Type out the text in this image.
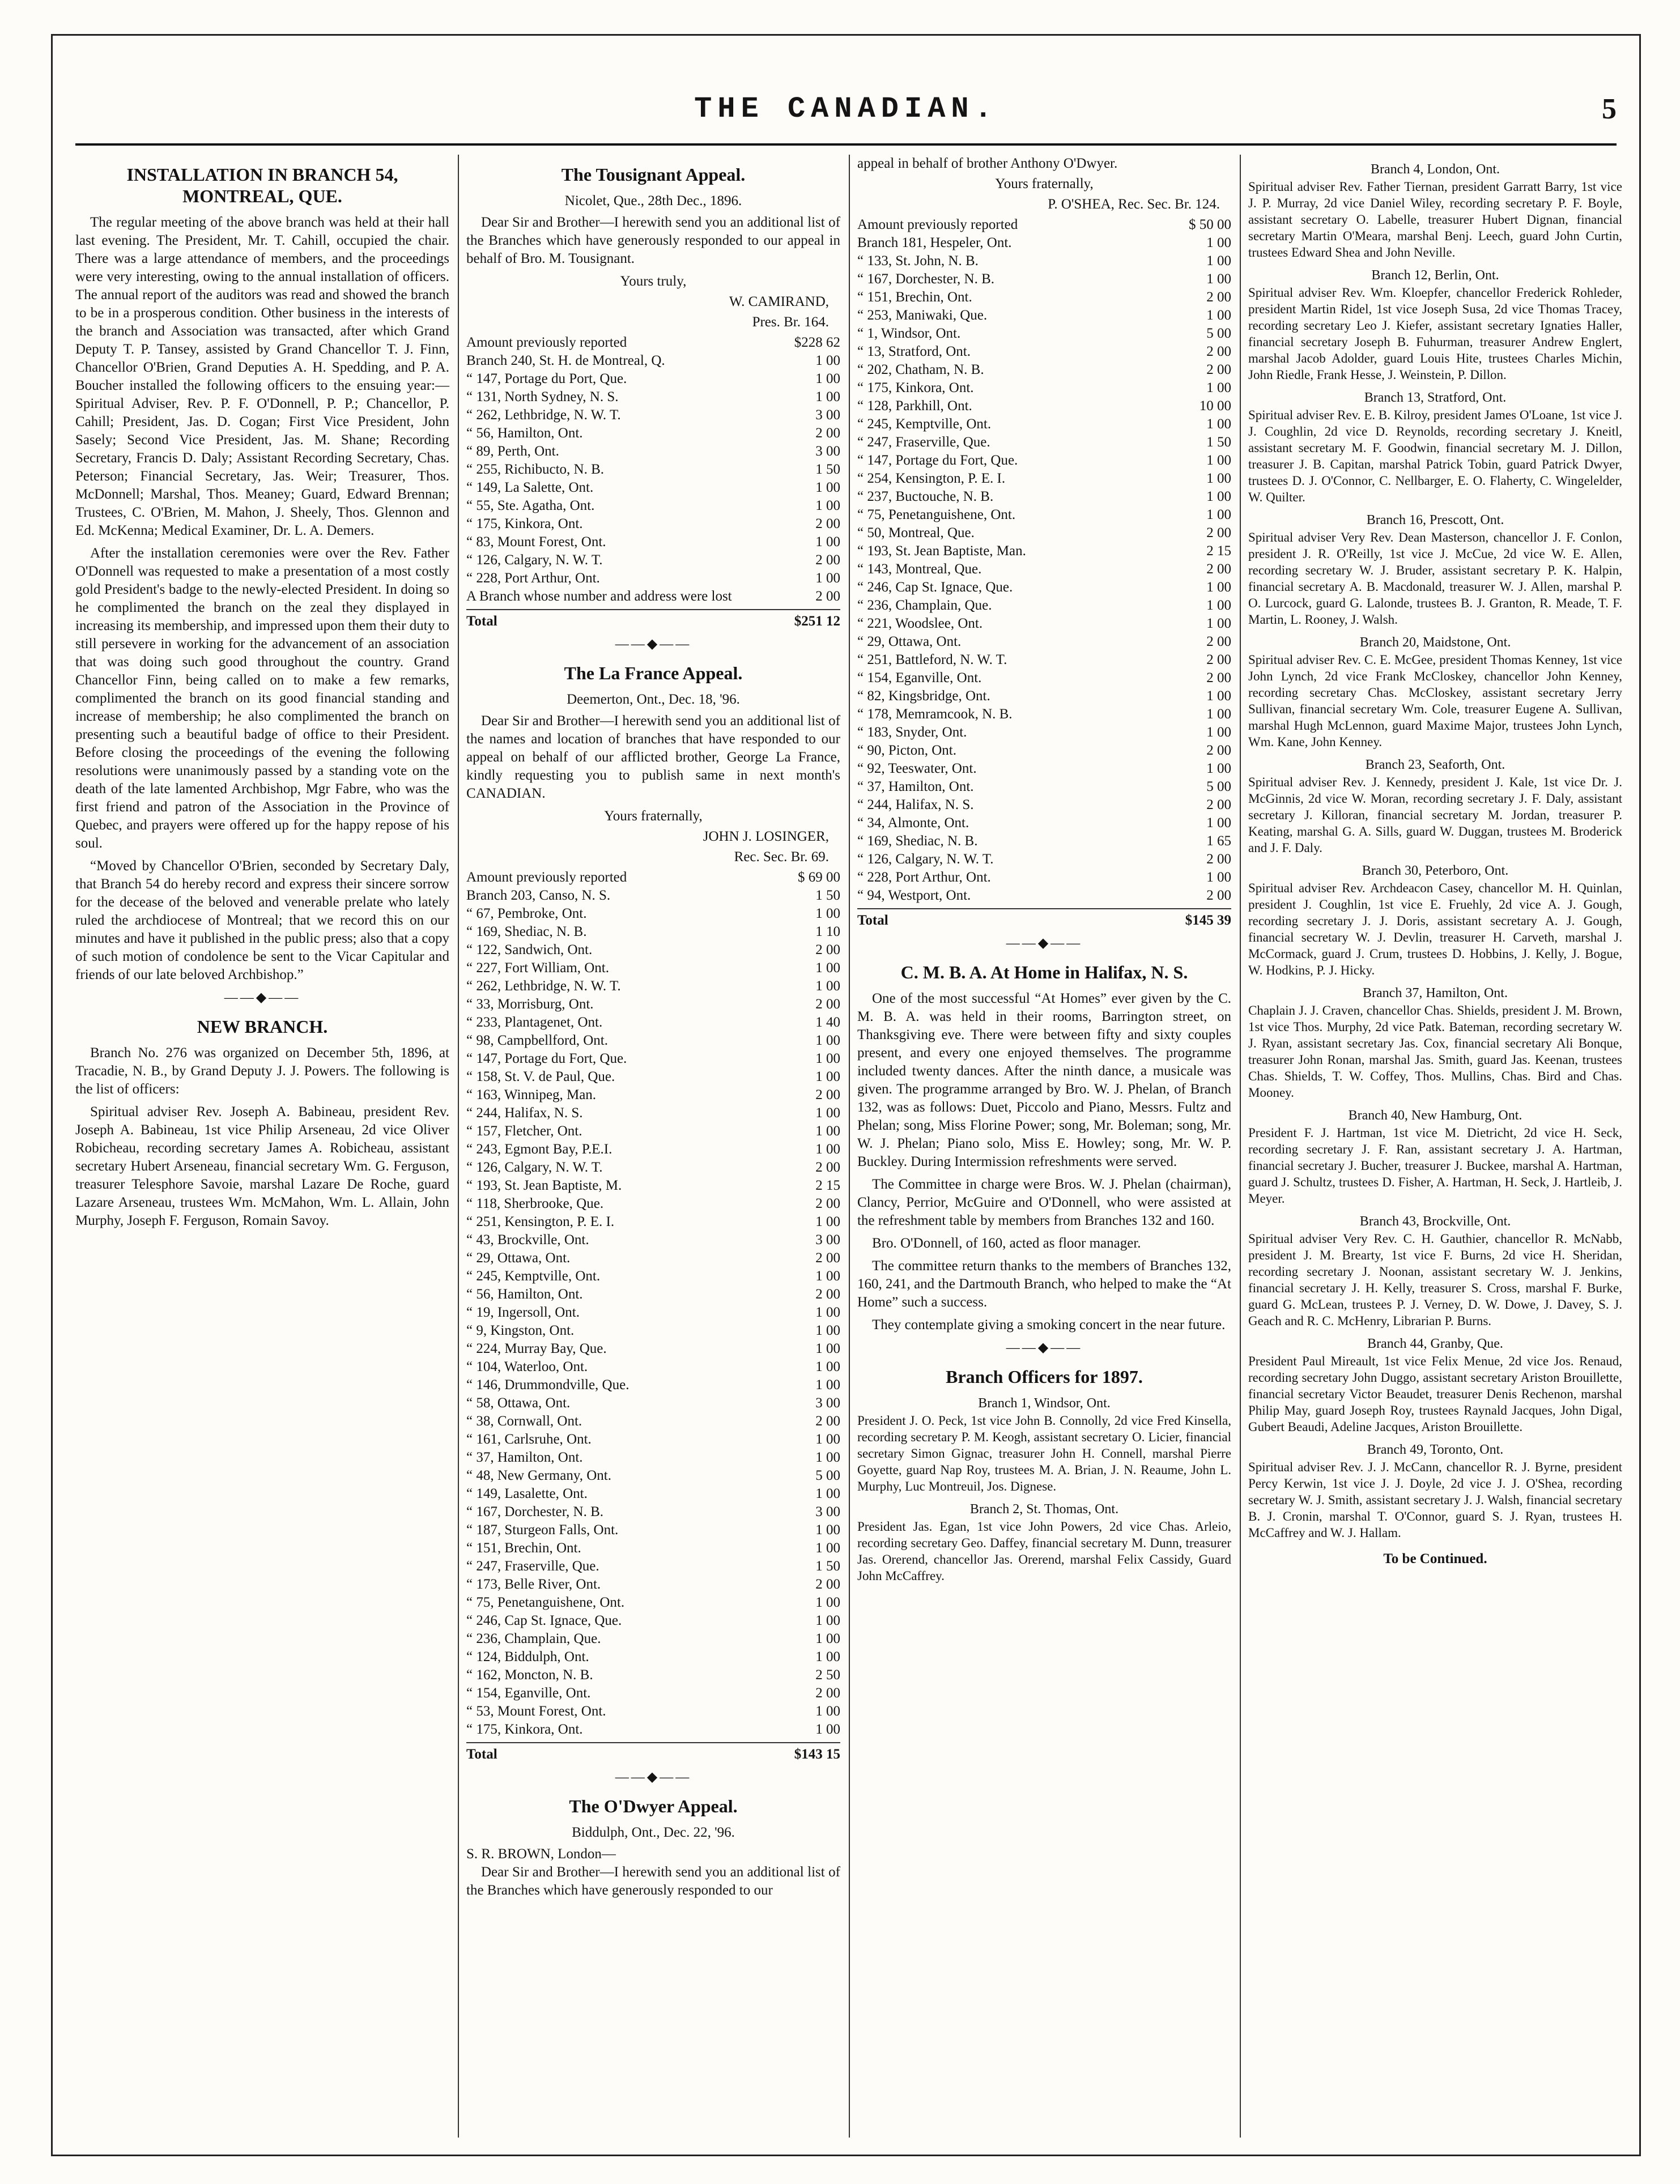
THE CANADIAN.	5
INSTALLATION IN BRANCH 54, MONTREAL, QUE.

The regular meeting of the above branch was held at their hall last evening. The President, Mr. T. Cahill, occupied the chair. There was a large attendance of members, and the proceedings were very interesting, owing to the annual installation of officers. The annual report of the auditors was read and showed the branch to be in a prosperous condition. Other business in the interests of the branch and Association was transacted, after which Grand Deputy T. P. Tansey, assisted by Grand Chancellor T. J. Finn, Chancellor O'Brien, Grand Deputies A. H. Spedding, and P. A. Boucher installed the following officers to the ensuing year:—Spiritual Adviser, Rev. P. F. O'Donnell, P. P.; Chancellor, P. Cahill; President, Jas. D. Cogan; First Vice President, John Sasely; Second Vice President, Jas. M. Shane; Recording Secretary, Francis D. Daly; Assistant Recording Secretary, Chas. Peterson; Financial Secretary, Jas. Weir; Treasurer, Thos. McDonnell; Marshal, Thos. Meaney; Guard, Edward Brennan; Trustees, C. O'Brien, M. Mahon, J. Sheely, Thos. Glennon and Ed. McKenna; Medical Examiner, Dr. L. A. Demers.

After the installation ceremonies were over the Rev. Father O'Donnell was requested to make a presentation of a most costly gold President's badge to the newly-elected President. In doing so he complimented the branch on the zeal they displayed in increasing its membership, and impressed upon them their duty to still persevere in working for the advancement of an association that was doing such good throughout the country. Grand Chancellor Finn, being called on to make a few remarks, complimented the branch on its good financial standing and increase of membership; he also complimented the branch on presenting such a beautiful badge of office to their President. Before closing the proceedings of the evening the following resolutions were unanimously passed by a standing vote on the death of the late lamented Archbishop, Mgr Fabre, who was the first friend and patron of the Association in the Province of Quebec, and prayers were offered up for the happy repose of his soul.

“Moved by Chancellor O'Brien, seconded by Secretary Daly, that Branch 54 do hereby record and express their sincere sorrow for the decease of the beloved and venerable prelate who lately ruled the archdiocese of Montreal; that we record this on our minutes and have it published in the public press; also that a copy of such motion of condolence be sent to the Vicar Capitular and friends of our late beloved Archbishop.”

——◆——
NEW BRANCH.

Branch No. 276 was organized on December 5th, 1896, at Tracadie, N. B., by Grand Deputy J. J. Powers. The following is the list of officers:

Spiritual adviser Rev. Joseph A. Babineau, president Rev. Joseph A. Babineau, 1st vice Philip Arseneau, 2d vice Oliver Robicheau, recording secretary James A. Robicheau, assistant secretary Hubert Arseneau, financial secretary Wm. G. Ferguson, treasurer Telesphore Savoie, marshal Lazare De Roche, guard Lazare Arseneau, trustees Wm. McMahon, Wm. L. Allain, John Murphy, Joseph F. Ferguson, Romain Savoy.

The Tousignant Appeal.
Nicolet, Que., 28th Dec., 1896.

Dear Sir and Brother—I herewith send you an additional list of the Branches which have generously responded to our appeal in behalf of Bro. M. Tousignant.

Yours truly,
W. CAMIRAND,
Pres. Br. 164.
Amount previously reported	$228 62
Branch 240, St. H. de Montreal, Q.	1 00
“ 147, Portage du Port, Que.	1 00
“ 131, North Sydney, N. S.	1 00
“ 262, Lethbridge, N. W. T.	3 00
“ 56, Hamilton, Ont.	2 00
“ 89, Perth, Ont.	3 00
“ 255, Richibucto, N. B.	1 50
“ 149, La Salette, Ont.	1 00
“ 55, Ste. Agatha, Ont.	1 00
“ 175, Kinkora, Ont.	2 00
“ 83, Mount Forest, Ont.	1 00
“ 126, Calgary, N. W. T.	2 00
“ 228, Port Arthur, Ont.	1 00
A Branch whose number and address were lost	2 00
Total	$251 12
——◆——
The La France Appeal.
Deemerton, Ont., Dec. 18, '96.

Dear Sir and Brother—I herewith send you an additional list of the names and location of branches that have responded to our appeal on behalf of our afflicted brother, George La France, kindly requesting you to publish same in next month's CANADIAN.

Yours fraternally,
JOHN J. LOSINGER,
Rec. Sec. Br. 69.
Amount previously reported	$ 69 00
Branch 203, Canso, N. S.	1 50
“ 67, Pembroke, Ont.	1 00
“ 169, Shediac, N. B.	1 10
“ 122, Sandwich, Ont.	2 00
“ 227, Fort William, Ont.	1 00
“ 262, Lethbridge, N. W. T.	1 00
“ 33, Morrisburg, Ont.	2 00
“ 233, Plantagenet, Ont.	1 40
“ 98, Campbellford, Ont.	1 00
“ 147, Portage du Fort, Que.	1 00
“ 158, St. V. de Paul, Que.	1 00
“ 163, Winnipeg, Man.	2 00
“ 244, Halifax, N. S.	1 00
“ 157, Fletcher, Ont.	1 00
“ 243, Egmont Bay, P.E.I.	1 00
“ 126, Calgary, N. W. T.	2 00
“ 193, St. Jean Baptiste, M.	2 15
“ 118, Sherbrooke, Que.	2 00
“ 251, Kensington, P. E. I.	1 00
“ 43, Brockville, Ont.	3 00
“ 29, Ottawa, Ont.	2 00
“ 245, Kemptville, Ont.	1 00
“ 56, Hamilton, Ont.	2 00
“ 19, Ingersoll, Ont.	1 00
“ 9, Kingston, Ont.	1 00
“ 224, Murray Bay, Que.	1 00
“ 104, Waterloo, Ont.	1 00
“ 146, Drummondville, Que.	1 00
“ 58, Ottawa, Ont.	3 00
“ 38, Cornwall, Ont.	2 00
“ 161, Carlsruhe, Ont.	1 00
“ 37, Hamilton, Ont.	1 00
“ 48, New Germany, Ont.	5 00
“ 149, Lasalette, Ont.	1 00
“ 167, Dorchester, N. B.	3 00
“ 187, Sturgeon Falls, Ont.	1 00
“ 151, Brechin, Ont.	1 00
“ 247, Fraserville, Que.	1 50
“ 173, Belle River, Ont.	2 00
“ 75, Penetanguishene, Ont.	1 00
“ 246, Cap St. Ignace, Que.	1 00
“ 236, Champlain, Que.	1 00
“ 124, Biddulph, Ont.	1 00
“ 162, Moncton, N. B.	2 50
“ 154, Eganville, Ont.	2 00
“ 53, Mount Forest, Ont.	1 00
“ 175, Kinkora, Ont.	1 00
Total	$143 15
——◆——
The O'Dwyer Appeal.
Biddulph, Ont., Dec. 22, '96.
S. R. BROWN, London—

Dear Sir and Brother—I herewith send you an additional list of the Branches which have generously responded to our

appeal in behalf of brother Anthony O'Dwyer.
Yours fraternally,
P. O'SHEA, Rec. Sec. Br. 124.
Amount previously reported	$ 50 00
Branch 181, Hespeler, Ont.	1 00
“ 133, St. John, N. B.	1 00
“ 167, Dorchester, N. B.	1 00
“ 151, Brechin, Ont.	2 00
“ 253, Maniwaki, Que.	1 00
“ 1, Windsor, Ont.	5 00
“ 13, Stratford, Ont.	2 00
“ 202, Chatham, N. B.	2 00
“ 175, Kinkora, Ont.	1 00
“ 128, Parkhill, Ont.	10 00
“ 245, Kemptville, Ont.	1 00
“ 247, Fraserville, Que.	1 50
“ 147, Portage du Fort, Que.	1 00
“ 254, Kensington, P. E. I.	1 00
“ 237, Buctouche, N. B.	1 00
“ 75, Penetanguishene, Ont.	1 00
“ 50, Montreal, Que.	2 00
“ 193, St. Jean Baptiste, Man.	2 15
“ 143, Montreal, Que.	2 00
“ 246, Cap St. Ignace, Que.	1 00
“ 236, Champlain, Que.	1 00
“ 221, Woodslee, Ont.	1 00
“ 29, Ottawa, Ont.	2 00
“ 251, Battleford, N. W. T.	2 00
“ 154, Eganville, Ont.	2 00
“ 82, Kingsbridge, Ont.	1 00
“ 178, Memramcook, N. B.	1 00
“ 183, Snyder, Ont.	1 00
“ 90, Picton, Ont.	2 00
“ 92, Teeswater, Ont.	1 00
“ 37, Hamilton, Ont.	5 00
“ 244, Halifax, N. S.	2 00
“ 34, Almonte, Ont.	1 00
“ 169, Shediac, N. B.	1 65
“ 126, Calgary, N. W. T.	2 00
“ 228, Port Arthur, Ont.	1 00
“ 94, Westport, Ont.	2 00
Total	$145 39
——◆——
C. M. B. A. At Home in Halifax, N. S.

One of the most successful “At Homes” ever given by the C. M. B. A. was held in their rooms, Barrington street, on Thanksgiving eve. There were between fifty and sixty couples present, and every one enjoyed themselves. The programme included twenty dances. After the ninth dance, a musicale was given. The programme arranged by Bro. W. J. Phelan, of Branch 132, was as follows: Duet, Piccolo and Piano, Messrs. Fultz and Phelan; song, Miss Florine Power; song, Mr. Boleman; song, Mr. W. J. Phelan; Piano solo, Miss E. Howley; song, Mr. W. P. Buckley. During Intermission refreshments were served.

The Committee in charge were Bros. W. J. Phelan (chairman), Clancy, Perrior, McGuire and O'Donnell, who were assisted at the refreshment table by members from Branches 132 and 160.

Bro. O'Donnell, of 160, acted as floor manager.

The committee return thanks to the members of Branches 132, 160, 241, and the Dartmouth Branch, who helped to make the “At Home” such a success.

They contemplate giving a smoking concert in the near future.

——◆——
Branch Officers for 1897.
Branch 1, Windsor, Ont.
President J. O. Peck, 1st vice John B. Connolly, 2d vice Fred Kinsella, recording secretary P. M. Keogh, assistant secretary O. Licier, financial secretary Simon Gignac, treasurer John H. Connell, marshal Pierre Goyette, guard Nap Roy, trustees M. A. Brian, J. N. Reaume, John L. Murphy, Luc Montreuil, Jos. Dignese.
Branch 2, St. Thomas, Ont.
President Jas. Egan, 1st vice John Powers, 2d vice Chas. Arleio, recording secretary Geo. Daffey, financial secretary M. Dunn, treasurer Jas. Orerend, chancellor Jas. Orerend, marshal Felix Cassidy, Guard John McCaffrey.
Branch 4, London, Ont.
Spiritual adviser Rev. Father Tiernan, president Garratt Barry, 1st vice J. P. Murray, 2d vice Daniel Wiley, recording secretary P. F. Boyle, assistant secretary O. Labelle, treasurer Hubert Dignan, financial secretary Martin O'Meara, marshal Benj. Leech, guard John Curtin, trustees Edward Shea and John Neville.
Branch 12, Berlin, Ont.
Spiritual adviser Rev. Wm. Kloepfer, chancellor Frederick Rohleder, president Martin Ridel, 1st vice Joseph Susa, 2d vice Thomas Tracey, recording secretary Leo J. Kiefer, assistant secretary Ignaties Haller, financial secretary Joseph B. Fuhurman, treasurer Andrew Englert, marshal Jacob Adolder, guard Louis Hite, trustees Charles Michin, John Riedle, Frank Hesse, J. Weinstein, P. Dillon.
Branch 13, Stratford, Ont.
Spiritual adviser Rev. E. B. Kilroy, president James O'Loane, 1st vice J. J. Coughlin, 2d vice D. Reynolds, recording secretary J. Kneitl, assistant secretary M. F. Goodwin, financial secretary M. J. Dillon, treasurer J. B. Capitan, marshal Patrick Tobin, guard Patrick Dwyer, trustees D. J. O'Connor, C. Nellbarger, E. O. Flaherty, C. Wingelelder, W. Quilter.
Branch 16, Prescott, Ont.
Spiritual adviser Very Rev. Dean Masterson, chancellor J. F. Conlon, president J. R. O'Reilly, 1st vice J. McCue, 2d vice W. E. Allen, recording secretary W. J. Bruder, assistant secretary P. K. Halpin, financial secretary A. B. Macdonald, treasurer W. J. Allen, marshal P. O. Lurcock, guard G. Lalonde, trustees B. J. Granton, R. Meade, T. F. Martin, L. Rooney, J. Walsh.
Branch 20, Maidstone, Ont.
Spiritual adviser Rev. C. E. McGee, president Thomas Kenney, 1st vice John Lynch, 2d vice Frank McCloskey, chancellor John Kenney, recording secretary Chas. McCloskey, assistant secretary Jerry Sullivan, financial secretary Wm. Cole, treasurer Eugene A. Sullivan, marshal Hugh McLennon, guard Maxime Major, trustees John Lynch, Wm. Kane, John Kenney.
Branch 23, Seaforth, Ont.
Spiritual adviser Rev. J. Kennedy, president J. Kale, 1st vice Dr. J. McGinnis, 2d vice W. Moran, recording secretary J. F. Daly, assistant secretary J. Killoran, financial secretary M. Jordan, treasurer P. Keating, marshal G. A. Sills, guard W. Duggan, trustees M. Broderick and J. F. Daly.
Branch 30, Peterboro, Ont.
Spiritual adviser Rev. Archdeacon Casey, chancellor M. H. Quinlan, president J. Coughlin, 1st vice E. Fruehly, 2d vice A. J. Gough, recording secretary J. J. Doris, assistant secretary A. J. Gough, financial secretary W. J. Devlin, treasurer H. Carveth, marshal J. McCormack, guard J. Crum, trustees D. Hobbins, J. Kelly, J. Bogue, W. Hodkins, P. J. Hicky.
Branch 37, Hamilton, Ont.
Chaplain J. J. Craven, chancellor Chas. Shields, president J. M. Brown, 1st vice Thos. Murphy, 2d vice Patk. Bateman, recording secretary W. J. Ryan, assistant secretary Jas. Cox, financial secretary Ali Bonque, treasurer John Ronan, marshal Jas. Smith, guard Jas. Keenan, trustees Chas. Shields, T. W. Coffey, Thos. Mullins, Chas. Bird and Chas. Mooney.
Branch 40, New Hamburg, Ont.
President F. J. Hartman, 1st vice M. Dietricht, 2d vice H. Seck, recording secretary J. F. Ran, assistant secretary J. A. Hartman, financial secretary J. Bucher, treasurer J. Buckee, marshal A. Hartman, guard J. Schultz, trustees D. Fisher, A. Hartman, H. Seck, J. Hartleib, J. Meyer.
Branch 43, Brockville, Ont.
Spiritual adviser Very Rev. C. H. Gauthier, chancellor R. McNabb, president J. M. Brearty, 1st vice F. Burns, 2d vice H. Sheridan, recording secretary J. Noonan, assistant secretary W. J. Jenkins, financial secretary J. H. Kelly, treasurer S. Cross, marshal F. Burke, guard G. McLean, trustees P. J. Verney, D. W. Dowe, J. Davey, S. J. Geach and R. C. McHenry, Librarian P. Burns.
Branch 44, Granby, Que.
President Paul Mireault, 1st vice Felix Menue, 2d vice Jos. Renaud, recording secretary John Duggo, assistant secretary Ariston Brouillette, financial secretary Victor Beaudet, treasurer Denis Rechenon, marshal Philip May, guard Joseph Roy, trustees Raynald Jacques, John Digal, Gubert Beaudi, Adeline Jacques, Ariston Brouillette.
Branch 49, Toronto, Ont.
Spiritual adviser Rev. J. J. McCann, chancellor R. J. Byrne, president Percy Kerwin, 1st vice J. J. Doyle, 2d vice J. J. O'Shea, recording secretary W. J. Smith, assistant secretary J. J. Walsh, financial secretary B. J. Cronin, marshal T. O'Connor, guard S. J. Ryan, trustees H. McCaffrey and W. J. Hallam.
To be Continued.
